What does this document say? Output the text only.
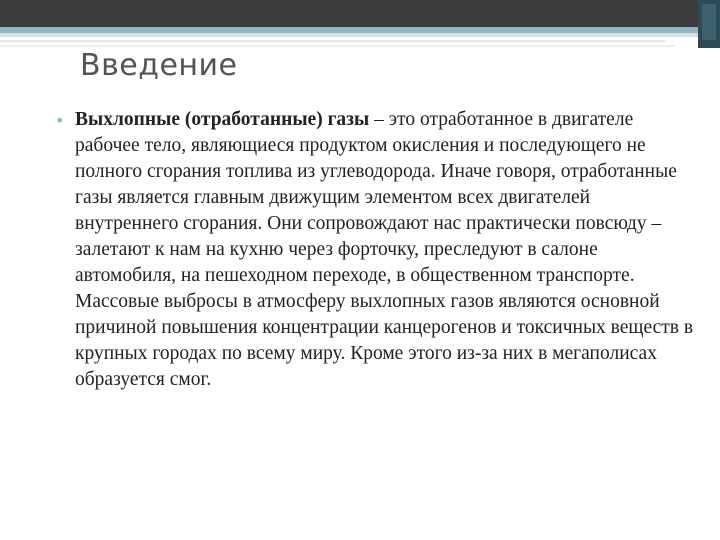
Введение
• Выхлопные (отработанные) газы – это отработанное в двигателе рабочее тело, являющиеся продуктом окисления и последующего не полного сгорания топлива из углеводорода. Иначе говоря, отработанные газы является главным движущим элементом всех двигателей внутреннего сгорания. Они сопровождают нас практически повсюду – залетают к нам на кухню через форточку, преследуют в салоне автомобиля, на пешеходном переходе, в общественном транспорте. Массовые выбросы в атмосферу выхлопных газов являются основной причиной повышения концентрации канцерогенов и токсичных веществ в крупных городах по всему миру. Кроме этого из-за них в мегаполисах образуется смог.
